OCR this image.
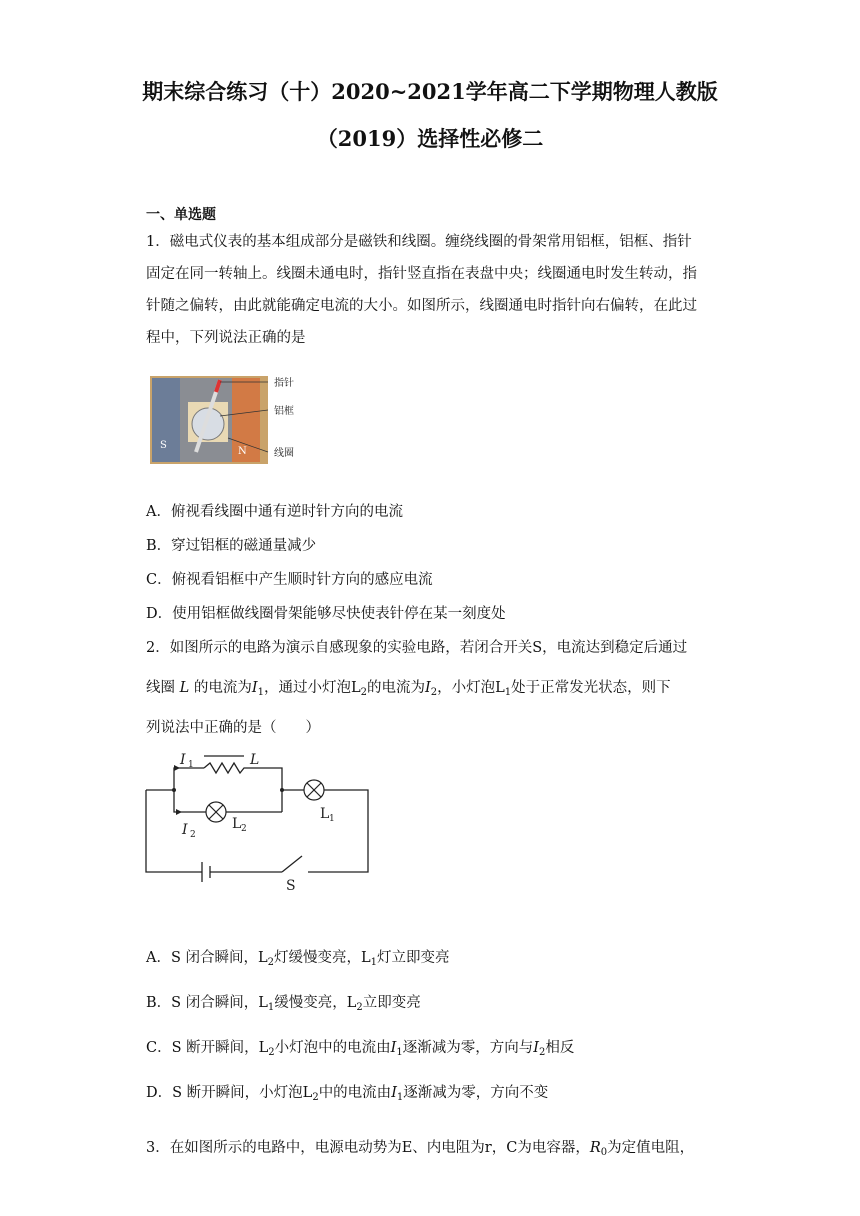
期末综合练习（十）2020~2021学年高二下学期物理人教版
（2019）选择性必修二
一、单选题
1．磁电式仪表的基本组成部分是磁铁和线圈。缠绕线圈的骨架常用铝框，铝框、指针
固定在同一转轴上。线圈未通电时，指针竖直指在表盘中央；线圈通电时发生转动，指
针随之偏转，由此就能确定电流的大小。如图所示，线圈通电时指针向右偏转，在此过
程中，下列说法正确的是
指针
铝框
线圈
S
N
A．俯视看线圈中通有逆时针方向的电流
B．穿过铝框的磁通量减少
C．俯视看铝框中产生顺时针方向的感应电流
D．使用铝框做线圈骨架能够尽快使表针停在某一刻度处
2．如图所示的电路为演示自感现象的实验电路，若闭合开关S，电流达到稳定后通过
线圈 L 的电流为$I_1$，通过小灯泡$L_2$的电流为$I_2$，小灯泡$L_1$处于正常发光状态，则下
列说法中正确的是（　　）
I 1	L
I 2
L 2
L 1
S
A．S 闭合瞬间，$L_2$灯缓慢变亮，$L_1$灯立即变亮
B．S 闭合瞬间，$L_1$缓慢变亮，$L_2$立即变亮
C．S 断开瞬间，$L_2$小灯泡中的电流由$I_1$逐渐减为零，方向与$I_2$相反
D．S 断开瞬间，小灯泡$L_2$中的电流由$I_1$逐渐减为零，方向不变
3．在如图所示的电路中，电源电动势为E、内电阻为r，C为电容器，$R_0$为定值电阻，
